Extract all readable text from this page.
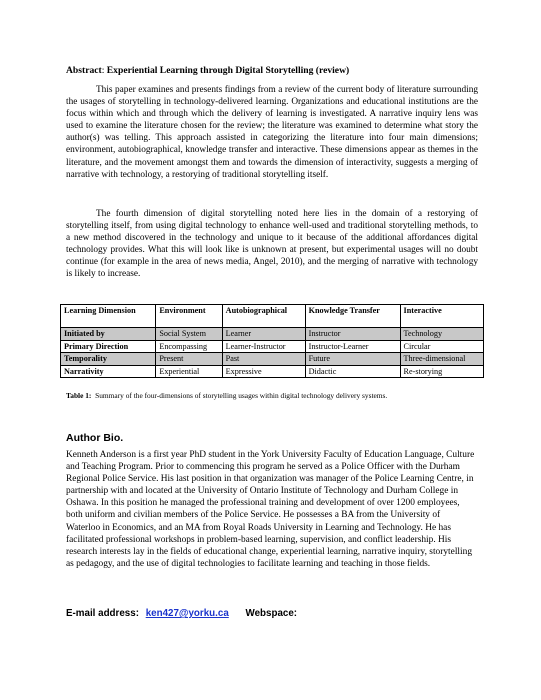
Abstract: Experiential Learning through Digital Storytelling (review)

This paper examines and presents findings from a review of the current body of literature surrounding the usages of storytelling in technology-delivered learning. Organizations and educational institutions are the focus within which and through which the delivery of learning is investigated. A narrative inquiry lens was used to examine the literature chosen for the review; the literature was examined to determine what story the author(s) was telling. This approach assisted in categorizing the literature into four main dimensions; environment, autobiographical, knowledge transfer and interactive. These dimensions appear as themes in the literature, and the movement amongst them and towards the dimension of interactivity, suggests a merging of narrative with technology, a restorying of traditional storytelling itself.

The fourth dimension of digital storytelling noted here lies in the domain of a restorying of storytelling itself, from using digital technology to enhance well-used and traditional storytelling methods, to a new method discovered in the technology and unique to it because of the additional affordances digital technology provides. What this will look like is unknown at present, but experimental usages will no doubt continue (for example in the area of news media, Angel, 2010), and the merging of narrative with technology is likely to increase.

Learning Dimension	Environment	Autobiographical	Knowledge Transfer	Interactive
Initiated by	Social System	Learner	Instructor	Technology
Primary Direction	Encompassing	Learner-Instructor	Instructor-Learner	Circular
Temporality	Present	Past	Future	Three-dimensional
Narrativity	Experiential	Expressive	Didactic	Re-storying
Table 1: Summary of the four-dimensions of storytelling usages within digital technology delivery systems.
Author Bio.

Kenneth Anderson is a first year PhD student in the York University Faculty of Education Language, Culture and Teaching Program. Prior to commencing this program he served as a Police Officer with the Durham Regional Police Service. His last position in that organization was manager of the Police Learning Centre, in partnership with and located at the University of Ontario Institute of Technology and Durham College in Oshawa. In this position he managed the professional training and development of over 1200 employees, both uniform and civilian members of the Police Service. He possesses a BA from the University of Waterloo in Economics, and an MA from Royal Roads University in Learning and Technology. He has facilitated professional workshops in problem-based learning, supervision, and conflict leadership. His research interests lay in the fields of educational change, experiential learning, narrative inquiry, storytelling as pedagogy, and the use of digital technologies to facilitate learning and teaching in those fields.

E-mail address: ken427@yorku.ca Webspace:
